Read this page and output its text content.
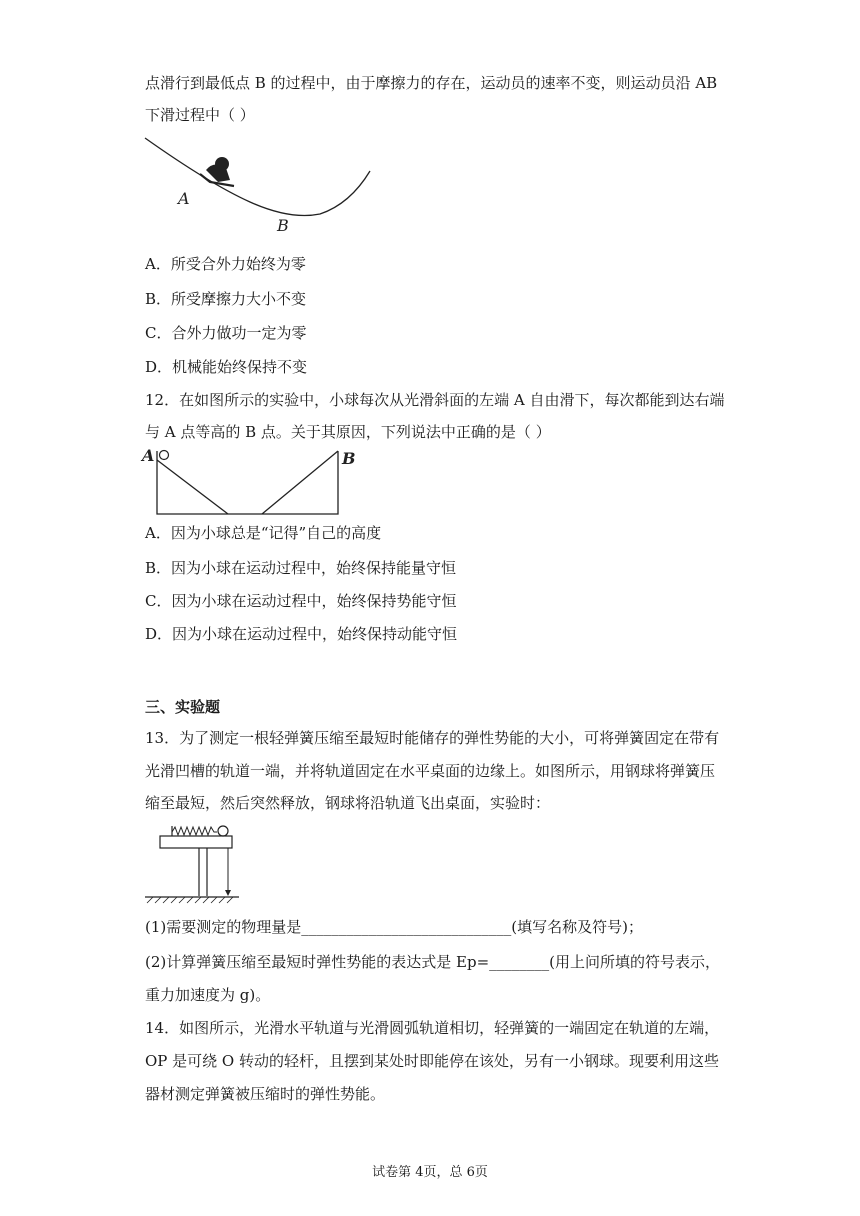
点滑行到最低点 B 的过程中，由于摩擦力的存在，运动员的速率不变，则运动员沿 AB
下滑过程中（ ）
A
B
A．所受合外力始终为零
B．所受摩擦力大小不变
C．合外力做功一定为零
D．机械能始终保持不变
12．在如图所示的实验中，小球每次从光滑斜面的左端 A 自由滑下，每次都能到达右端
与 A 点等高的 B 点。关于其原因，下列说法中正确的是（ ）
A	B
A．因为小球总是“记得”自己的高度
B．因为小球在运动过程中，始终保持能量守恒
C．因为小球在运动过程中，始终保持势能守恒
D．因为小球在运动过程中，始终保持动能守恒
三、实验题
13．为了测定一根轻弹簧压缩至最短时能储存的弹性势能的大小，可将弹簧固定在带有
光滑凹槽的轨道一端，并将轨道固定在水平桌面的边缘上。如图所示，用钢球将弹簧压
缩至最短，然后突然释放，钢球将沿轨道飞出桌面，实验时：
(1)需要测定的物理量是____________________________(填写名称及符号)；
(2)计算弹簧压缩至最短时弹性势能的表达式是 Ep=________(用上问所填的符号表示，
重力加速度为 g)。
14．如图所示，光滑水平轨道与光滑圆弧轨道相切，轻弹簧的一端固定在轨道的左端，
OP 是可绕 O 转动的轻杆，且摆到某处时即能停在该处，另有一小钢球。现要利用这些
器材测定弹簧被压缩时的弹性势能。
试卷第 4页，总 6页
